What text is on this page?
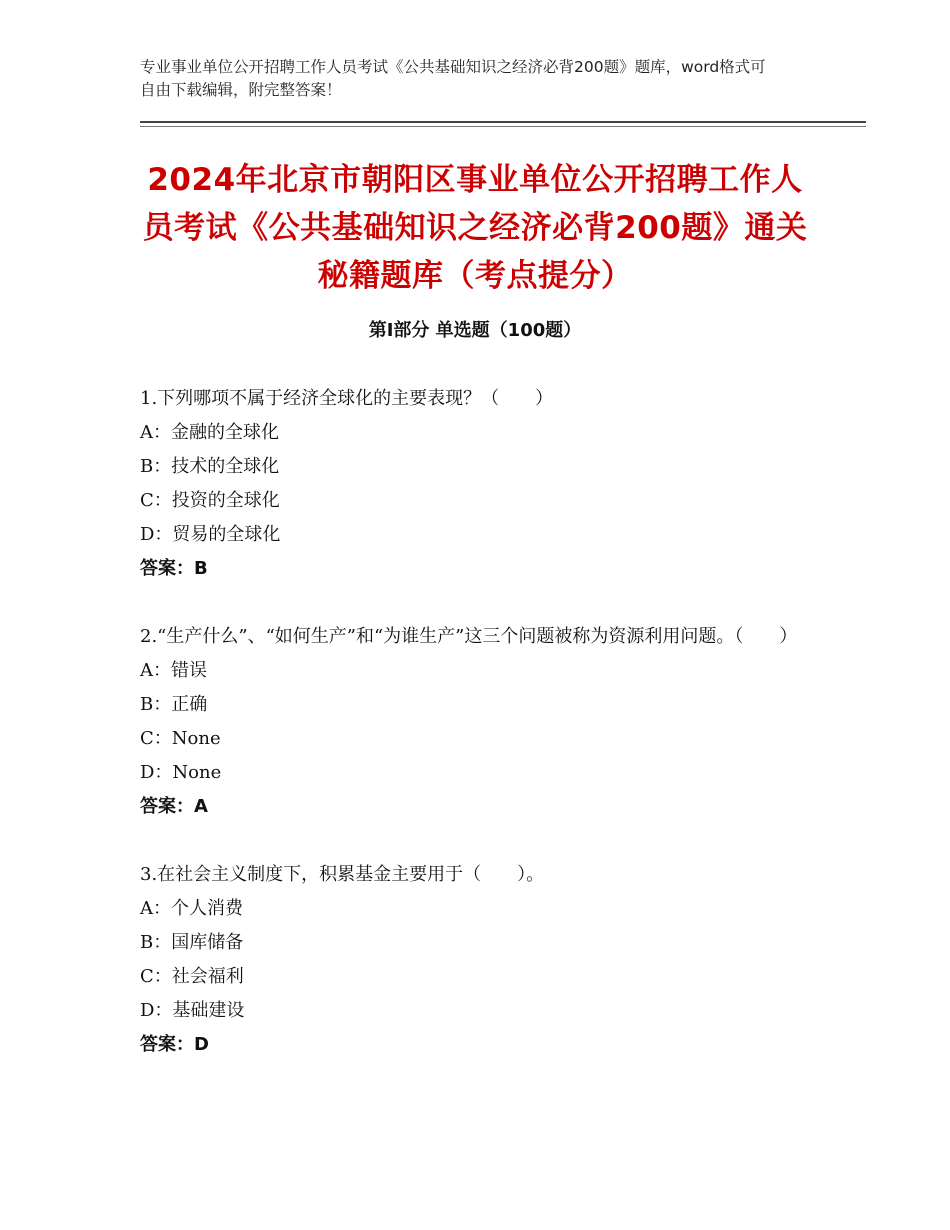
专业事业单位公开招聘工作人员考试《公共基础知识之经济必背200题》题库，word格式可自由下载编辑，附完整答案！
2024年北京市朝阳区事业单位公开招聘工作人员考试《公共基础知识之经济必背200题》通关秘籍题库（考点提分）
第Ⅰ部分 单选题（100题）
1.下列哪项不属于经济全球化的主要表现？（　　）
A：金融的全球化
B：技术的全球化
C：投资的全球化
D：贸易的全球化
答案：B
2.“生产什么”、“如何生产”和“为谁生产”这三个问题被称为资源利用问题。（　　）
A：错误
B：正确
C：None
D：None
答案：A
3.在社会主义制度下，积累基金主要用于（　　）。
A：个人消费
B：国库储备
C：社会福利
D：基础建设
答案：D
